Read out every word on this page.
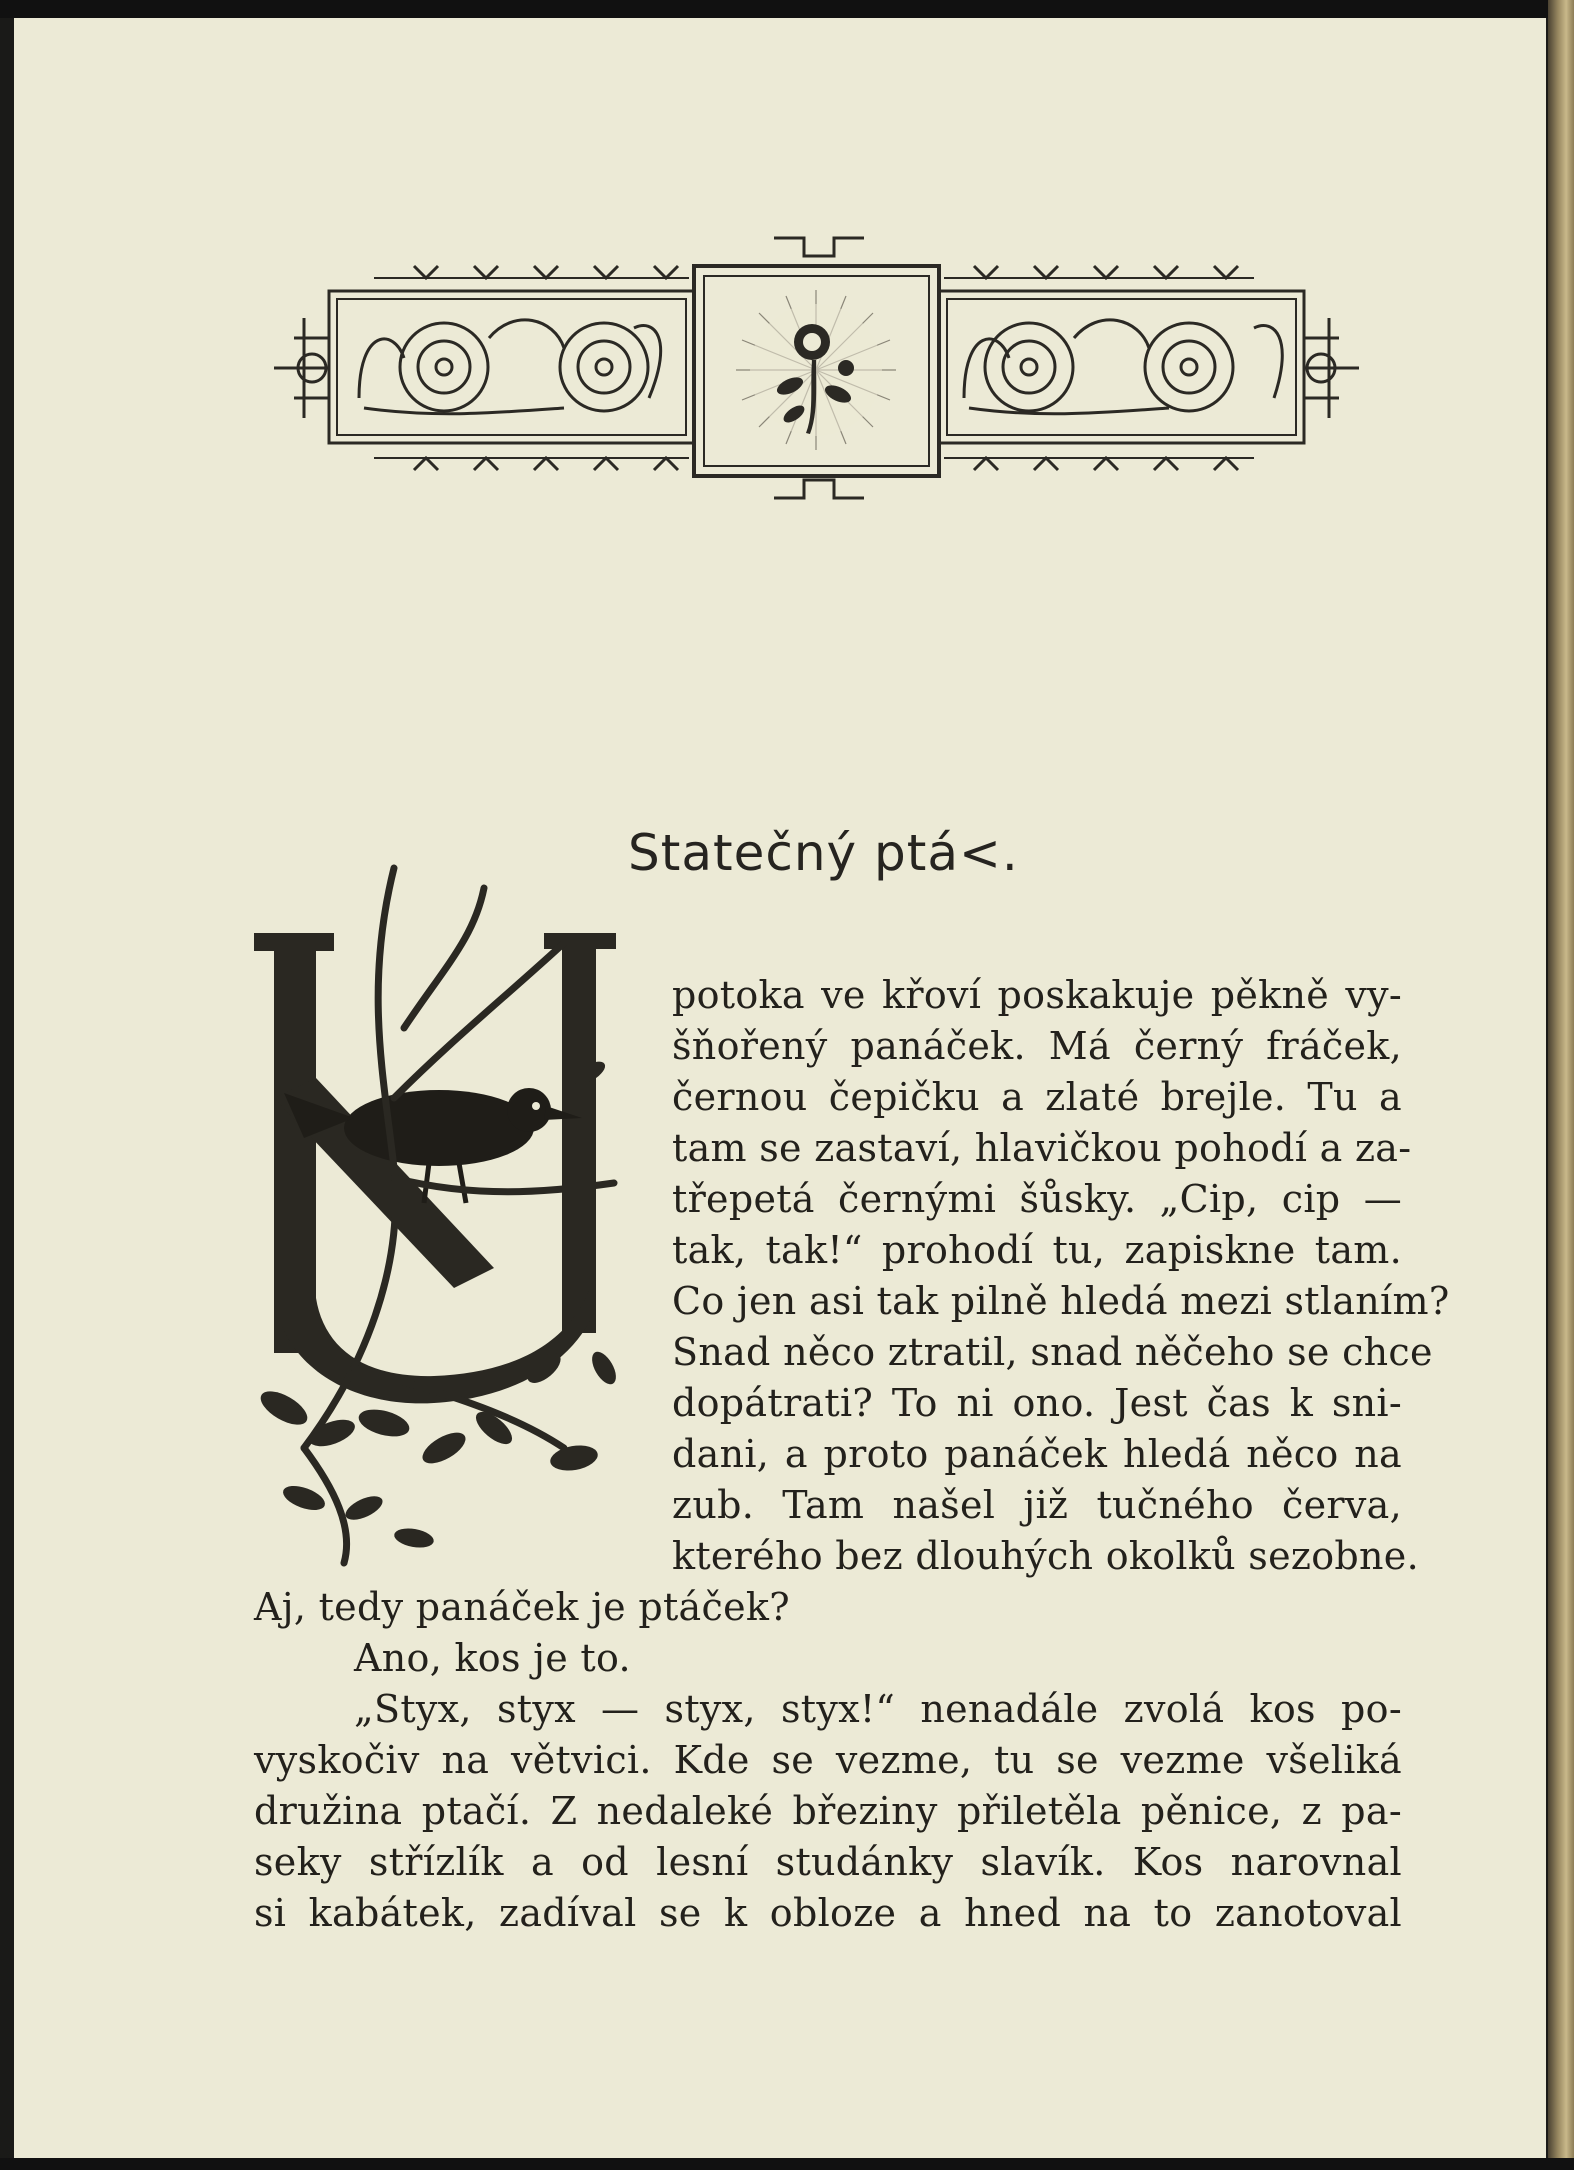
Statečný ptá<.
potoka ve křoví poskakuje pěkně vy-
šňořený panáček. Má černý fráček,
černou čepičku a zlaté brejle. Tu a
tam se zastaví, hlavičkou pohodí a za-
třepetá černými šůsky. „Cip, cip —
tak, tak!“ prohodí tu, zapiskne tam.
Co jen asi tak pilně hledá mezi stlaním?
Snad něco ztratil, snad něčeho se chce
dopátrati? To ni ono. Jest čas k sni-
dani, a proto panáček hledá něco na
zub. Tam našel již tučného červa,
kterého bez dlouhých okolků sezobne.
Aj, tedy panáček je ptáček?
Ano, kos je to.
„Styx, styx — styx, styx!“ nenadále zvolá kos po-
vyskočiv na větvici. Kde se vezme, tu se vezme všeliká
družina ptačí. Z nedaleké březiny přiletěla pěnice, z pa-
seky střízlík a od lesní studánky slavík. Kos narovnal
si kabátek, zadíval se k obloze a hned na to zanotoval
